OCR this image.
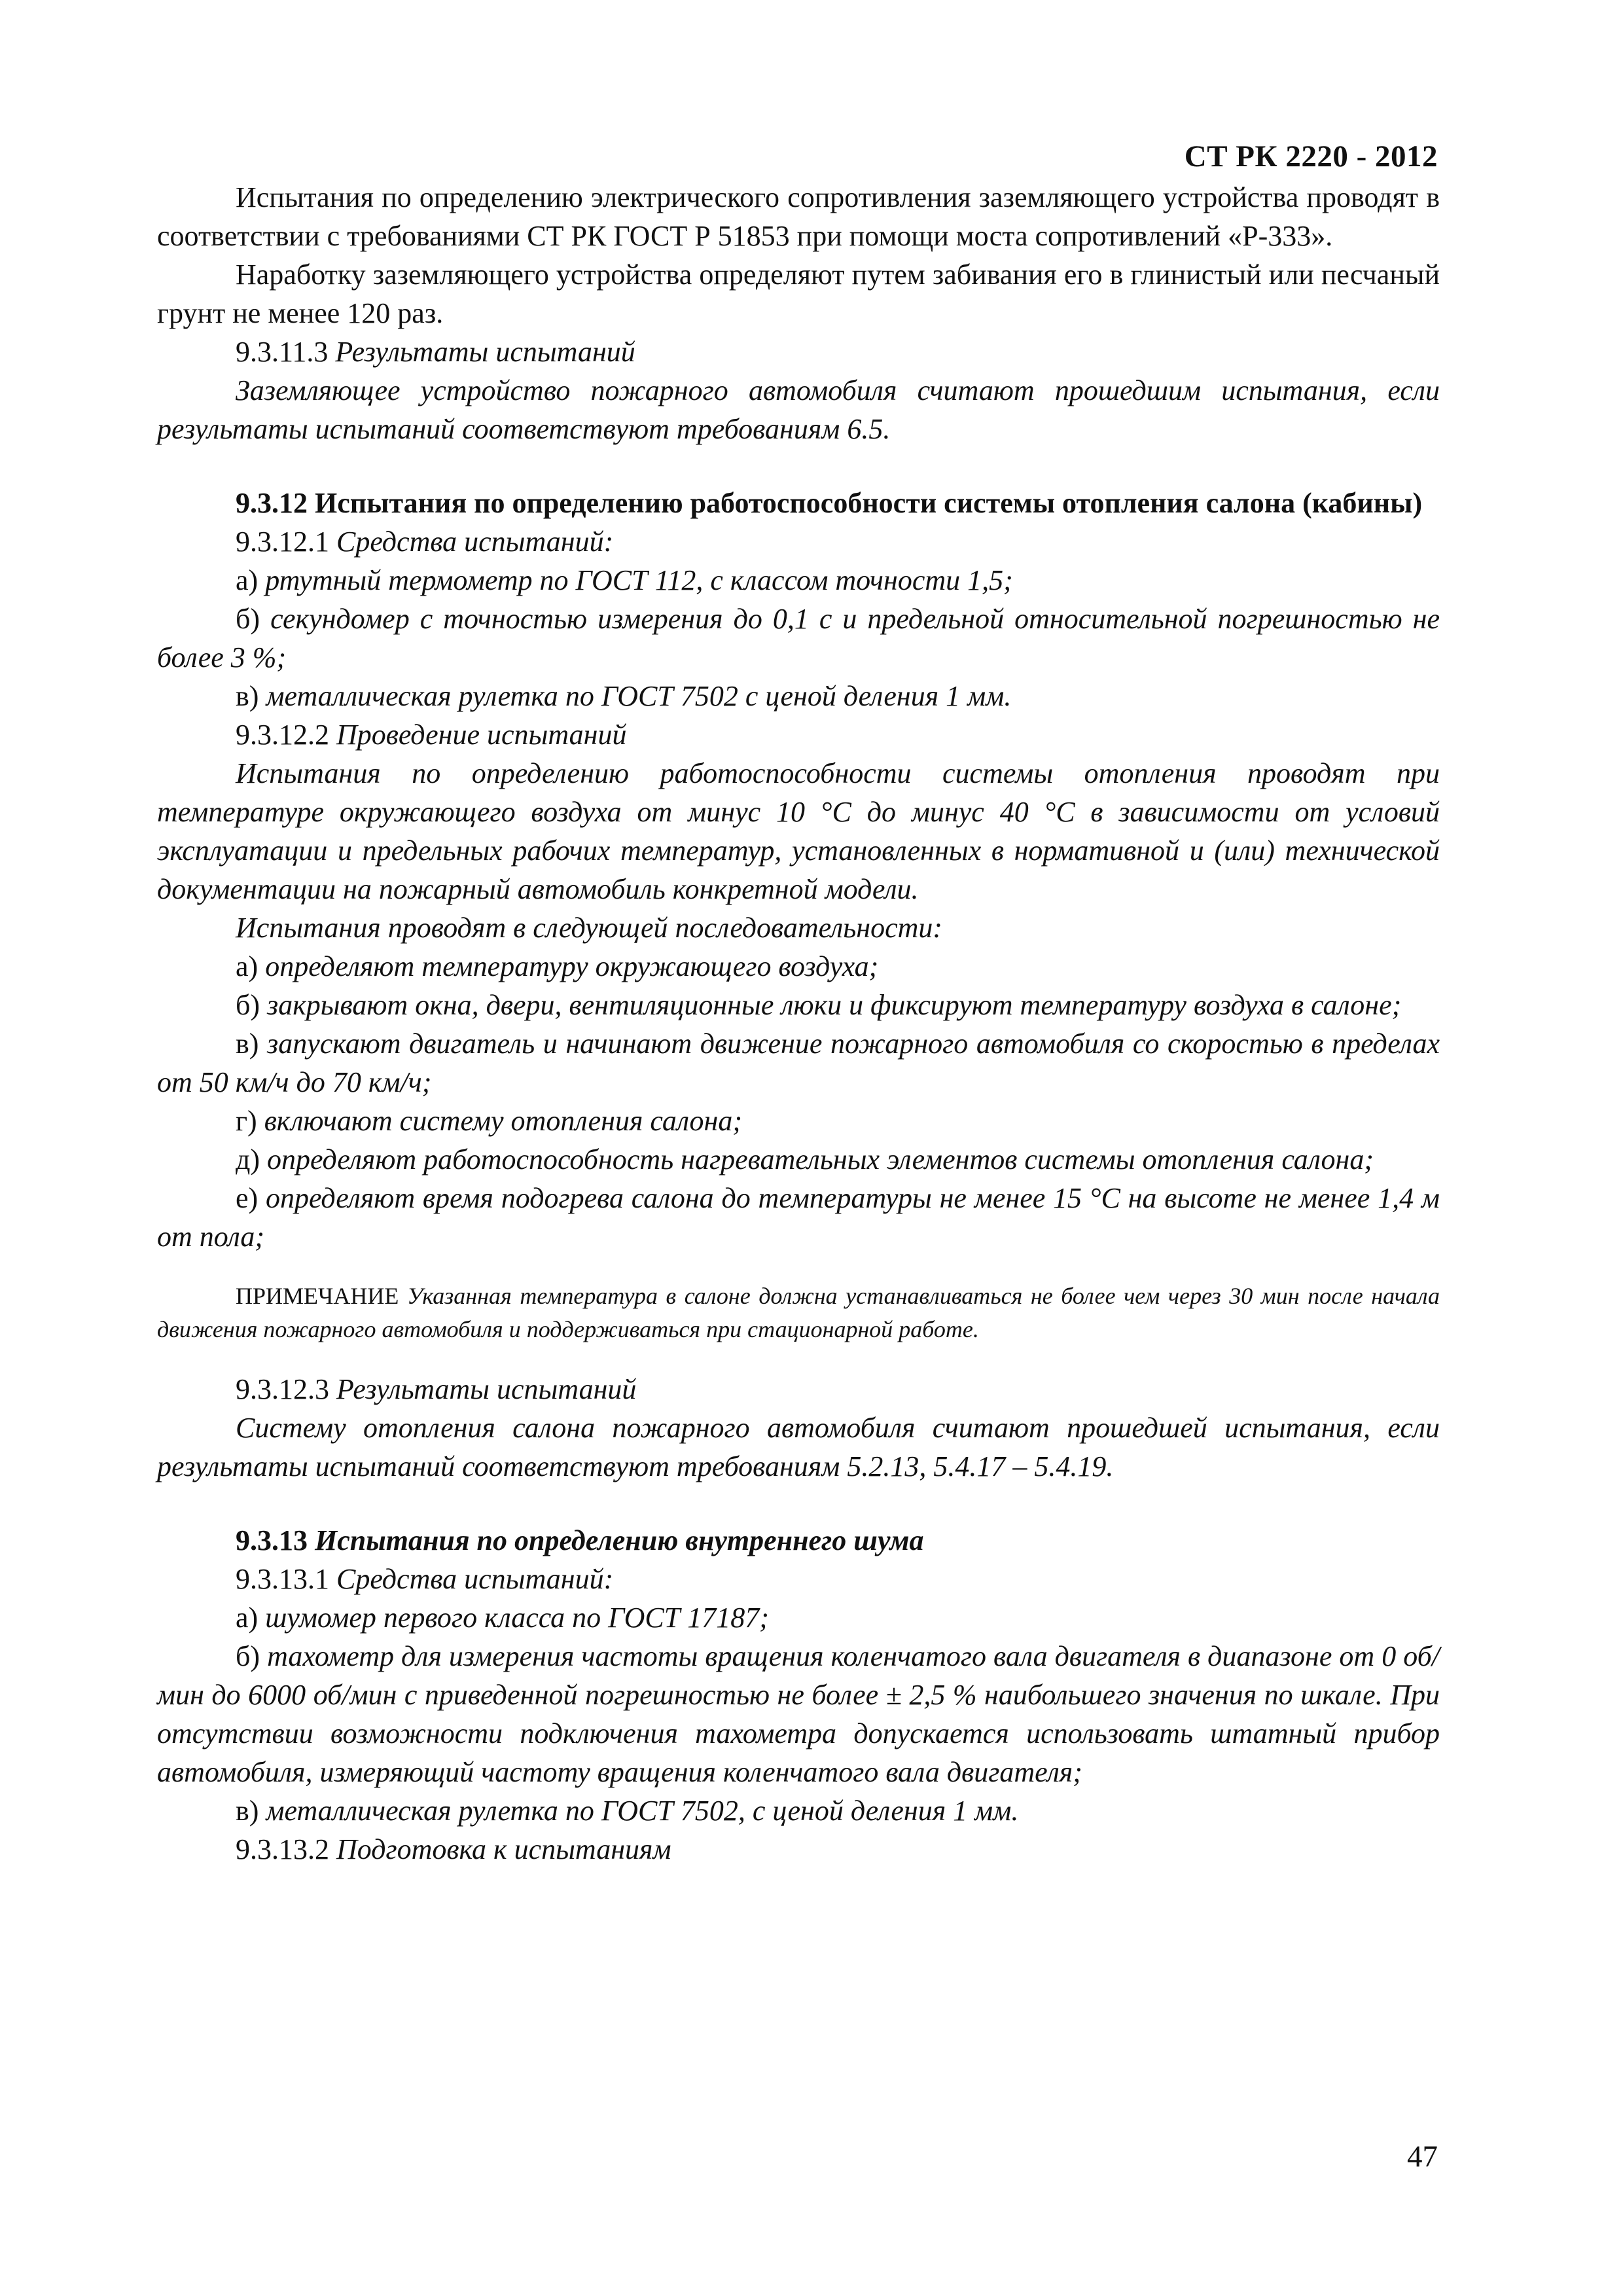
СТ РК 2220 - 2012

Испытания по определению электрического сопротивления заземляющего устройства проводят в соответствии с требованиями СТ РК ГОСТ Р 51853 при помощи моста сопротивлений «Р-333».

Наработку заземляющего устройства определяют путем забивания его в глинистый или песчаный грунт не менее 120 раз.

9.3.11.3 Результаты испытаний

Заземляющее устройство пожарного автомобиля считают прошедшим испытания, если результаты испытаний соответствуют требованиям 6.5.

9.3.12 Испытания по определению работоспособности системы отопления салона (кабины)

9.3.12.1 Средства испытаний:

а) ртутный термометр по ГОСТ 112, с классом точности 1,5;

б) секундомер с точностью измерения до 0,1 с и предельной относительной погрешностью не более 3 %;

в) металлическая рулетка по ГОСТ 7502 с ценой деления 1 мм.

9.3.12.2 Проведение испытаний

Испытания по определению работоспособности системы отопления проводят при температуре окружающего воздуха от минус 10 °С до минус 40 °С в зависимости от условий эксплуатации и предельных рабочих температур, установленных в нормативной и (или) технической документации на пожарный автомобиль конкретной модели.

Испытания проводят в следующей последовательности:

а) определяют температуру окружающего воздуха;

б) закрывают окна, двери, вентиляционные люки и фиксируют температуру воздуха в салоне;

в) запускают двигатель и начинают движение пожарного автомобиля со скоростью в пределах от 50 км/ч до 70 км/ч;

г) включают систему отопления салона;

д) определяют работоспособность нагревательных элементов системы отопления салона;

е) определяют время подогрева салона до температуры не менее 15 °С на высоте не менее 1,4 м от пола;

ПРИМЕЧАНИЕ Указанная температура в салоне должна устанавливаться не более чем через 30 мин после начала движения пожарного автомобиля и поддерживаться при стационарной работе.

9.3.12.3 Результаты испытаний

Систему отопления салона пожарного автомобиля считают прошедшей испытания, если результаты испытаний соответствуют требованиям 5.2.13, 5.4.17 – 5.4.19.

9.3.13 Испытания по определению внутреннего шума

9.3.13.1 Средства испытаний:

а) шумомер первого класса по ГОСТ 17187;

б) тахометр для измерения частоты вращения коленчатого вала двигателя в диапазоне от 0 об/мин до 6000 об/мин с приведенной погрешностью не более ± 2,5 % наибольшего значения по шкале. При отсутствии возможности подключения тахометра допускается использовать штатный прибор автомобиля, измеряющий частоту вращения коленчатого вала двигателя;

в) металлическая рулетка по ГОСТ 7502, с ценой деления 1 мм.

9.3.13.2 Подготовка к испытаниям

47
